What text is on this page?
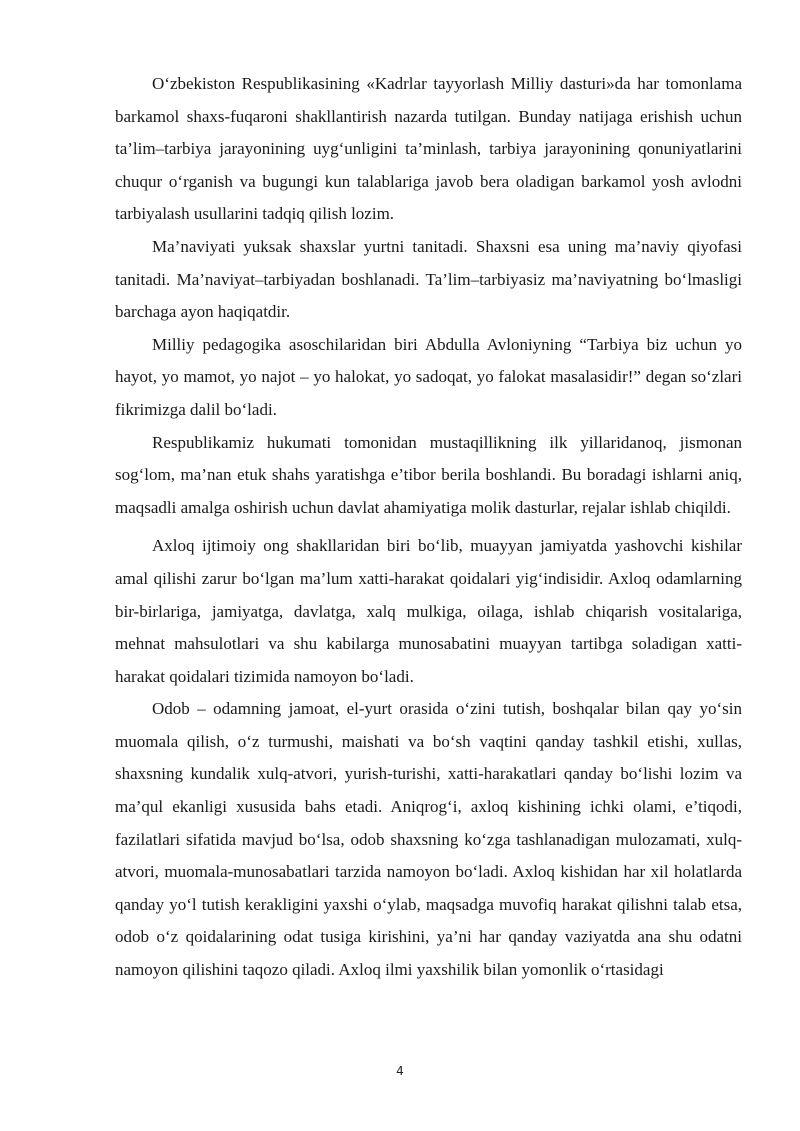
O‘zbekiston Respublikasining «Kadrlar tayyorlash Milliy dasturi»da har tomonlama barkamol shaxs-fuqaroni shakllantirish nazarda tutilgan. Bunday natijaga erishish uchun ta’lim–tarbiya jarayonining uyg‘unligini ta’minlash, tarbiya jarayonining qonuniyatlarini chuqur o‘rganish va bugungi kun talablariga javob bera oladigan barkamol yosh avlodni tarbiyalash usullarini tadqiq qilish lozim.

Ma’naviyati yuksak shaxslar yurtni tanitadi. Shaxsni esa uning ma’naviy qiyofasi tanitadi. Ma’naviyat–tarbiyadan boshlanadi. Ta’lim–tarbiyasiz ma’naviyatning bo‘lmasligi barchaga ayon haqiqatdir.

Milliy pedagogika asoschilaridan biri Abdulla Avloniyning “Tarbiya biz uchun yo hayot, yo mamot, yo najot – yo halokat, yo sadoqat, yo falokat masalasidir!” degan so‘zlari fikrimizga dalil bo‘ladi.

Respublikamiz hukumati tomonidan mustaqillikning ilk yillaridanoq, jismonan sog‘lom, ma’nan etuk shahs yaratishga e’tibor berila boshlandi. Bu boradagi ishlarni aniq, maqsadli amalga oshirish uchun davlat ahamiyatiga molik dasturlar, rejalar ishlab chiqildi.

Axloq ijtimoiy ong shakllaridan biri bo‘lib, muayyan jamiyatda yashovchi kishilar amal qilishi zarur bo‘lgan ma’lum xatti-harakat qoidalari yig‘indisidir. Axloq odamlarning bir-birlariga, jamiyatga, davlatga, xalq mulkiga, oilaga, ishlab chiqarish vositalariga, mehnat mahsulotlari va shu kabilarga munosabatini muayyan tartibga soladigan xatti-harakat qoidalari tizimida namoyon bo‘ladi.

Odob – odamning jamoat, el-yurt orasida o‘zini tutish, boshqalar bilan qay yo‘sin muomala qilish, o‘z turmushi, maishati va bo‘sh vaqtini qanday tashkil etishi, xullas, shaxsning kundalik xulq-atvori, yurish-turishi, xatti-harakatlari qanday bo‘lishi lozim va ma’qul ekanligi xususida bahs etadi. Aniqrog‘i, axloq kishining ichki olami, e’tiqodi, fazilatlari sifatida mavjud bo‘lsa, odob shaxsning ko‘zga tashlanadigan mulozamati, xulq-atvori, muomala-munosabatlari tarzida namoyon bo‘ladi. Axloq kishidan har xil holatlarda qanday yo‘l tutish kerakligini yaxshi o‘ylab, maqsadga muvofiq harakat qilishni talab etsa, odob o‘z qoidalarining odat tusiga kirishini, ya’ni har qanday vaziyatda ana shu odatni namoyon qilishini taqozo qiladi. Axloq ilmi yaxshilik bilan yomonlik o‘rtasidagi

4
